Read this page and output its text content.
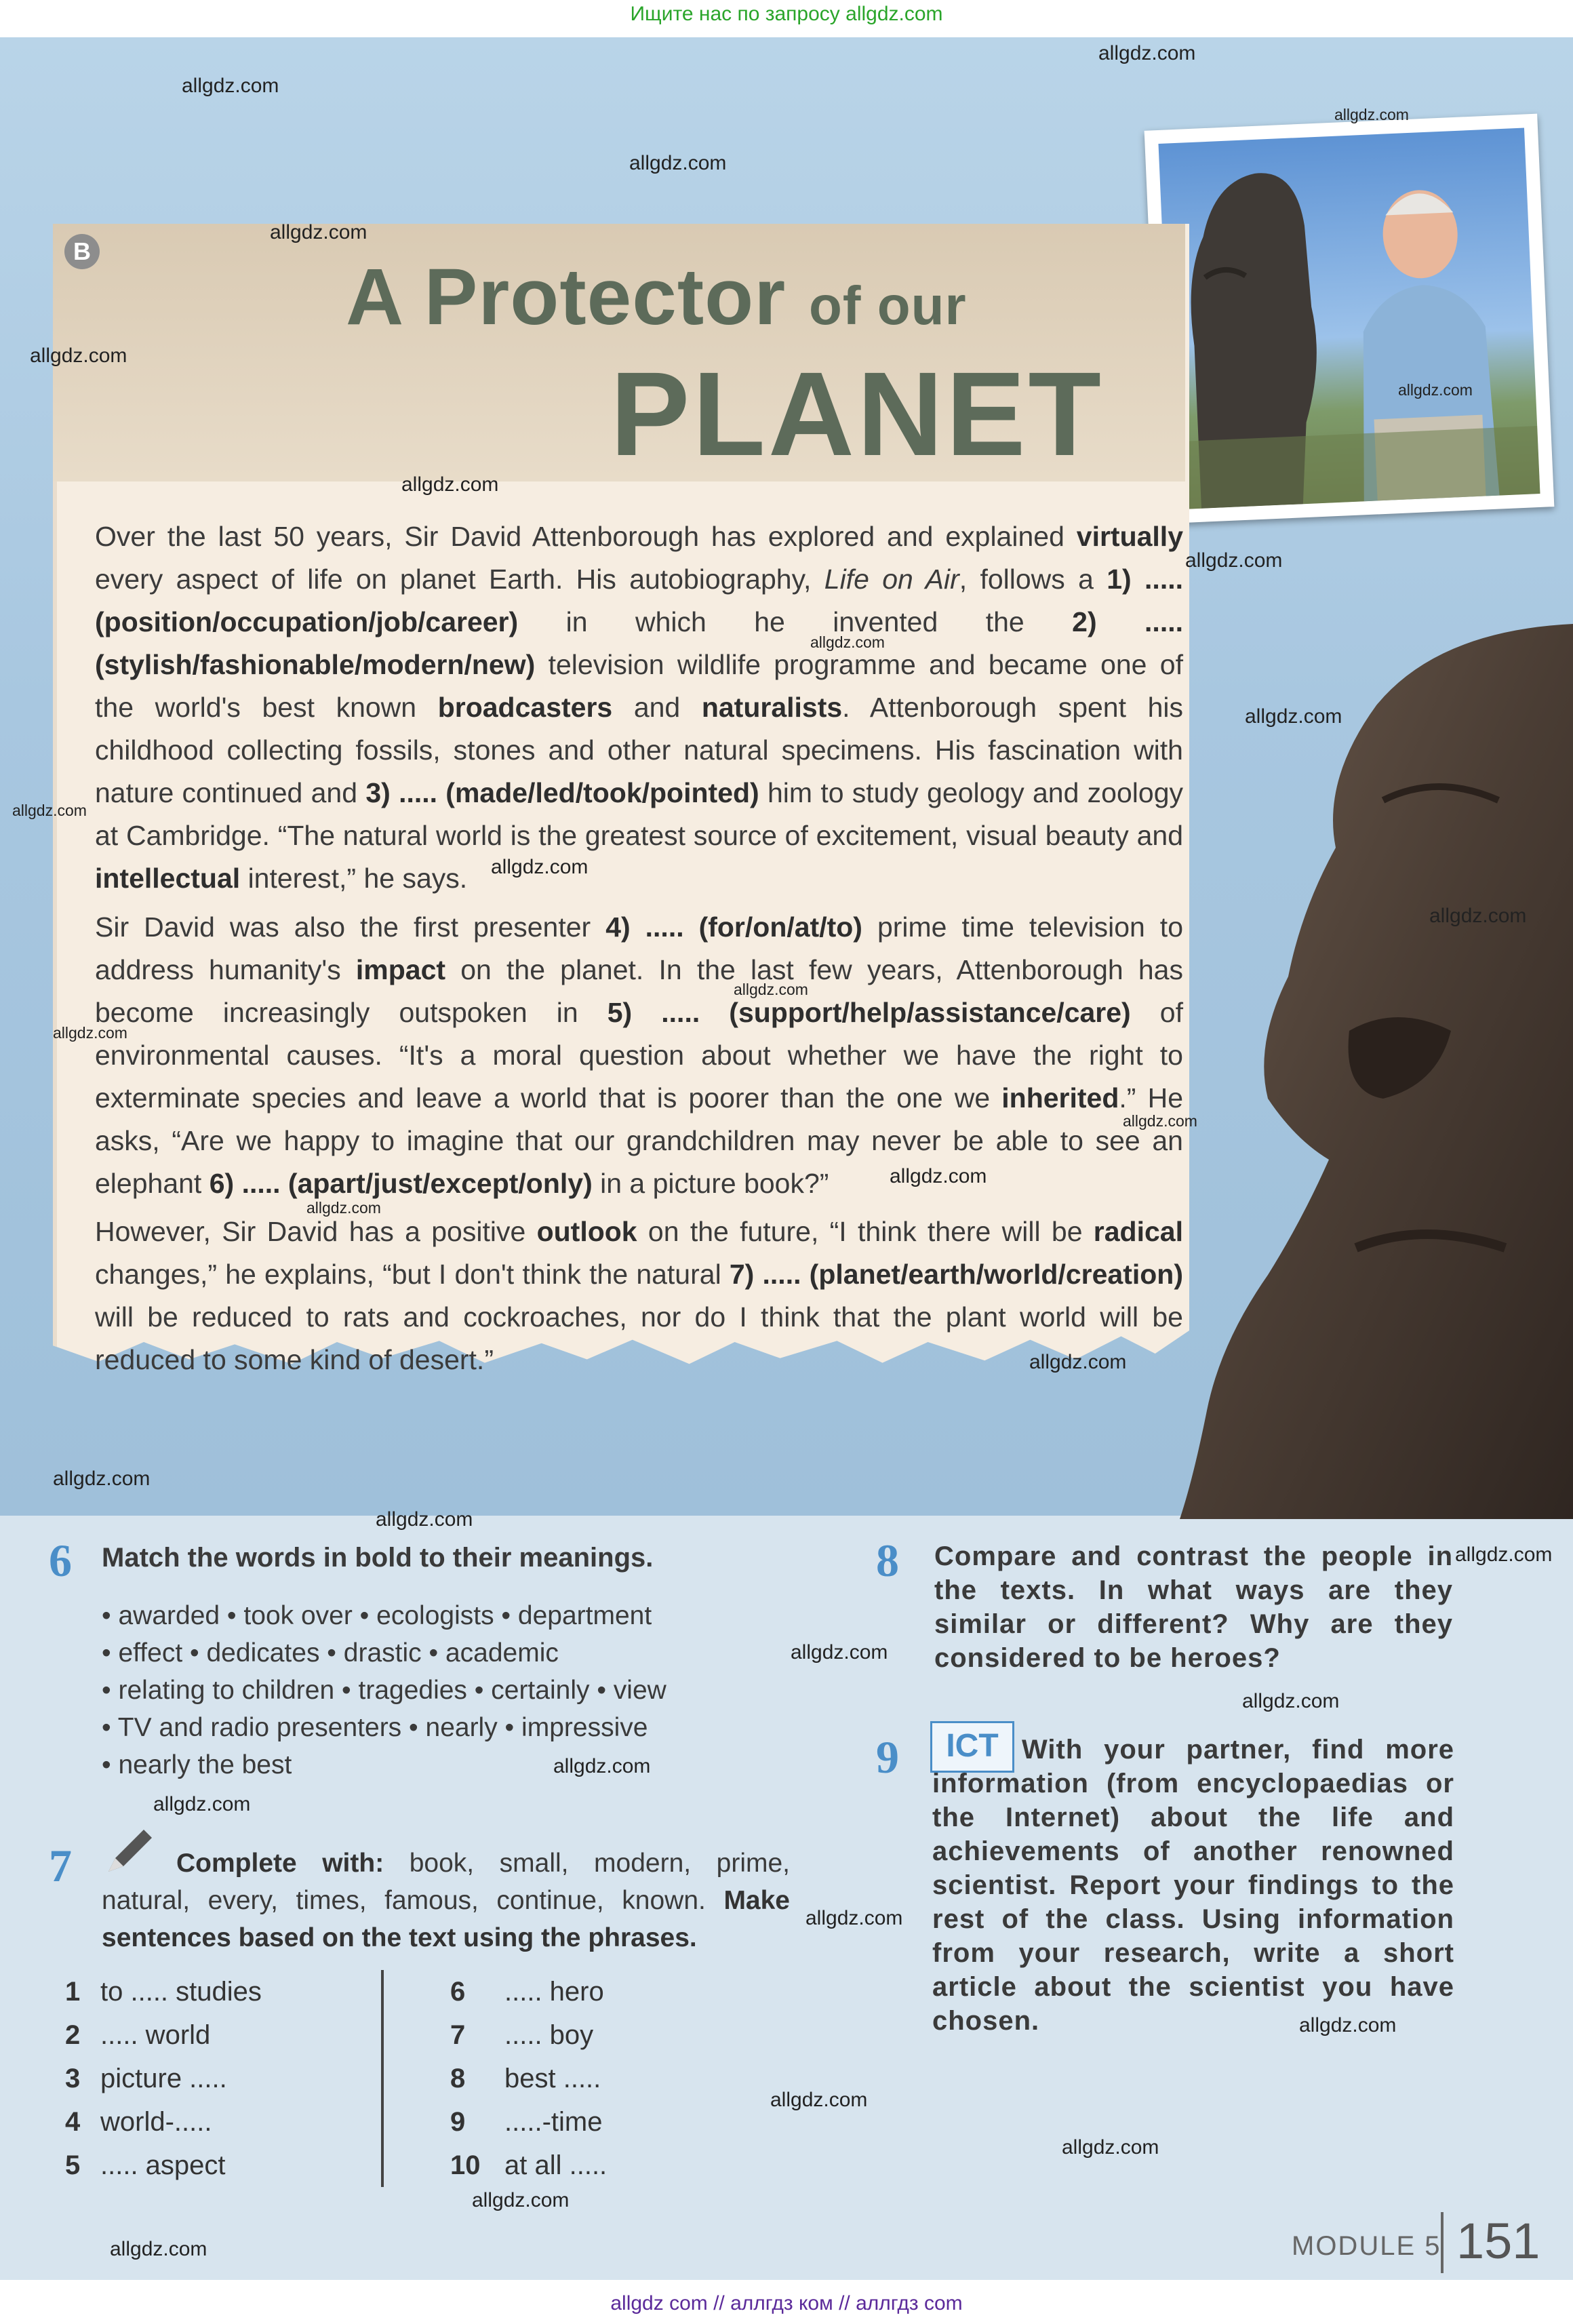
Ищите нас по запросу allgdz.com
B
A Protector of our
PLANET
Over the last 50 years, Sir David Attenborough has explored and explained virtually every aspect of life on planet Earth. His autobiography, Life on Air, follows a 1) ..... (position/occupation/job/career) in which he invented the 2) ..... (stylish/fashionable/modern/new) television wildlife programme and became one of the world's best known broadcasters and naturalists. Attenborough spent his childhood collecting fossils, stones and other natural specimens. His fascination with nature continued and 3) ..... (made/led/took/pointed) him to study geology and zoology at Cambridge. “The natural world is the greatest source of excitement, visual beauty and intellectual interest,” he says.
Sir David was also the first presenter 4) ..... (for/on/at/to) prime time television to address humanity's impact on the planet. In the last few years, Attenborough has become increasingly outspoken in 5) ..... (support/help/assistance/care) of environmental causes. “It's a moral question about whether we have the right to exterminate species and leave a world that is poorer than the one we inherited.” He asks, “Are we happy to imagine that our grandchildren may never be able to see an elephant 6) ..... (apart/just/except/only) in a picture book?”
However, Sir David has a positive outlook on the future, “I think there will be radical changes,” he explains, “but I don't think the natural 7) ..... (planet/earth/world/creation) will be reduced to rats and cockroaches, nor do I think that the plant world will be reduced to some kind of desert.”
6 Match the words in bold to their meanings.
• awarded • took over • ecologists • department
• effect • dedicates • drastic • academic
• relating to children • tragedies • certainly • view
• TV and radio presenters • nearly • impressive
• nearly the best
7	Complete with: book, small, modern, prime, natural, every, times, famous, continue, known. Make sentences based on the text using the phrases.
1 to ..... studies
2 ..... world
3 picture .....
4 world-.....
5 ..... aspect
6 ..... hero
7 ..... boy
8 best .....
9 .....-time
10 at all .....
8 Compare and contrast the people in the texts. In what ways are they similar or different? Why are they considered to be heroes?
9	ICT With your partner, find more information (from encyclopaedias or the Internet) about the life and achievements of another renowned scientist. Report your findings to the rest of the class. Using information from your research, write a short article about the scientist you have chosen.
MODULE 5 151
allgdz com // аллгдз ком // аллгдз com
allgdz.com
allgdz.com
allgdz.com
allgdz.com
allgdz.com
allgdz.com
allgdz.com
allgdz.com
allgdz.com
allgdz.com
allgdz.com
allgdz.com
allgdz.com
allgdz.com
allgdz.com
allgdz.com
allgdz.com
allgdz.com
allgdz.com
allgdz.com
allgdz.com
allgdz.com
allgdz.com
allgdz.com
allgdz.com
allgdz.com
allgdz.com
allgdz.com
allgdz.com
allgdz.com
allgdz.com
allgdz.com
allgdz.com
